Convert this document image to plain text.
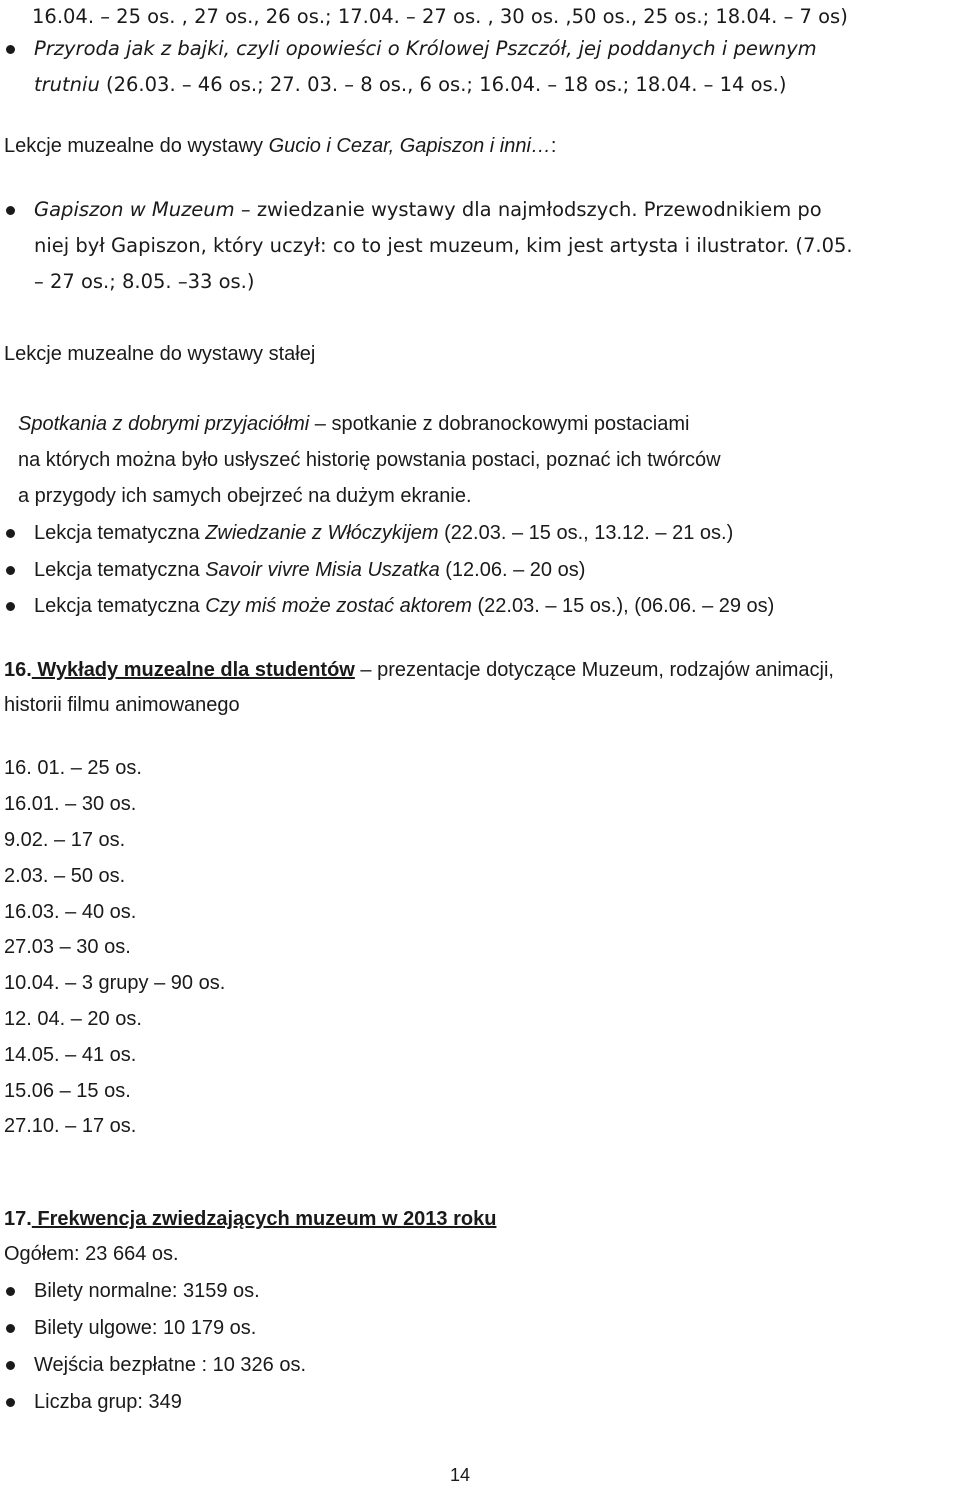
16.04. – 25 os. , 27 os., 26 os.; 17.04. – 27 os. , 30 os. ,50 os., 25 os.; 18.04. – 7 os)
Przyroda jak z bajki, czyli opowieści o Królowej Pszczół, jej poddanych i pewnym
trutniu (26.03. – 46 os.; 27. 03. – 8 os., 6 os.; 16.04. – 18 os.; 18.04. – 14 os.)
Lekcje muzealne do wystawy Gucio i Cezar, Gapiszon i inni…:
Gapiszon w Muzeum – zwiedzanie wystawy dla najmłodszych. Przewodnikiem po
niej był Gapiszon, który uczył: co to jest muzeum, kim jest artysta i ilustrator. (7.05.
– 27 os.; 8.05. –33 os.)
Lekcje muzealne do wystawy stałej
Spotkania z dobrymi przyjaciółmi – spotkanie z dobranockowymi postaciami
na których można było usłyszeć historię powstania postaci, poznać ich twórców
a przygody ich samych obejrzeć na dużym ekranie.
Lekcja tematyczna Zwiedzanie z Włóczykijem (22.03. – 15 os., 13.12. – 21 os.)
Lekcja tematyczna Savoir vivre Misia Uszatka (12.06. – 20 os)
Lekcja tematyczna Czy miś może zostać aktorem (22.03. – 15 os.), (06.06. – 29 os)
16. Wykłady muzealne dla studentów – prezentacje dotyczące Muzeum, rodzajów animacji,
historii filmu animowanego
16. 01. – 25 os.
16.01. – 30 os.
9.02. – 17 os.
2.03. – 50 os.
16.03. – 40 os.
27.03 – 30 os.
10.04. – 3 grupy – 90 os.
12. 04. – 20 os.
14.05. – 41 os.
15.06 – 15 os.
27.10. – 17 os.
17. Frekwencja zwiedzających muzeum w 2013 roku
Ogółem: 23 664 os.
Bilety normalne: 3159 os.
Bilety ulgowe: 10 179 os.
Wejścia bezpłatne : 10 326 os.
Liczba grup: 349
14
